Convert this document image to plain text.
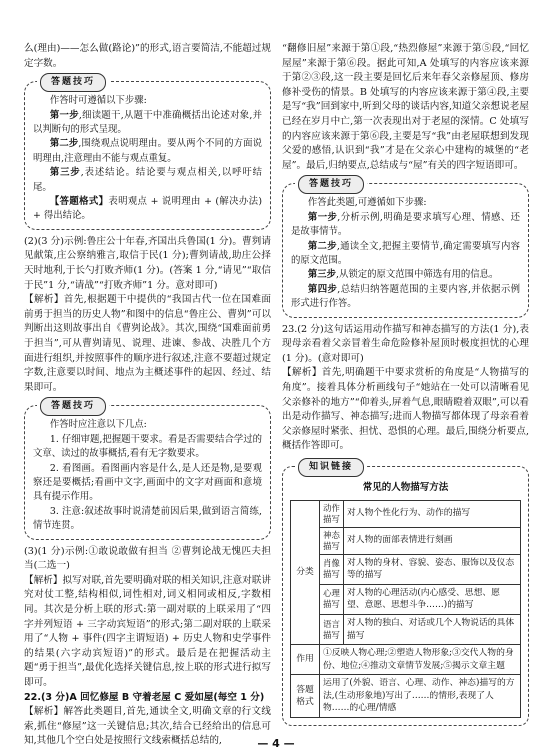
么(理由)——怎么做(路论)”的形式,语言要简洁,不能超过规定字数。

答题技巧

作答时可遵循以下步骤:

第一步,细读题干,从题干中准确概括出论述对象,并以判断句的形式呈现。

第二步,围绕观点说明理由。要从两个不同的方面说明理由,注意理由不能与观点重复。

第三步,表述结论。结论要与观点相关,以呼吁结尾。

【答题格式】表明观点 + 说明理由 + (解决办法) + 得出结论。

(2)(3 分)示例:鲁庄公十年春,齐国出兵鲁国(1 分)。曹刿请见献策,庄公察纳雅言,取信于民(1 分);曹刿请战,助庄公择天时地利,于长勺打败齐师(1 分)。(答案 1 分,“请见”“取信于民”1 分,“请战”“打败齐师”1 分。意对即可)

【解析】首先,根据题干中提供的“我国古代一位在国难面前勇于担当的历史人物”和图中的信息“鲁庄公、曹刿”可以判断出这则故事出自《曹刿论战》。其次,围绕“国难面前勇于担当”,可从曹刿请见、说理、进谏、参战、决胜几个方面进行组织,并按照事件的顺序进行叙述,注意不要超过规定字数,注意要以时间、地点为主概述事件的起因、经过、结果即可。

答题技巧

作答时应注意以下几点:

1. 仔细审题,把握题干要求。看是否需要结合学过的文章、读过的故事概括,看有无字数要求。

2. 看图画。看图画内容是什么,是人还是物,是要观察还是要概括;看画中文字,画面中的文字对画面和意境具有提示作用。

3. 注意:叙述故事时说清楚前因后果,做到语言简练,情节连贯。

(3)(1 分)示例:①敢说敢做有担当 ②曹刿论战无愧匹夫担当(二选一)

【解析】拟写对联,首先要明确对联的相关知识,注意对联讲究对仗工整,结构相似,词性相对,词义相同或相反,字数相同。其次是分析上联的形式:第一副对联的上联采用了“四字并列短语 + 三字动宾短语”的形式;第二副对联的上联采用了“人物 + 事件(四字主谓短语) + 历史人物和史学事件的结果(六字动宾短语)”的形式。最后是在把握活动主题“勇于担当”,最优化选择关键信息,按上联的形式进行拟写即可。

22.(3 分)A 回忆修屋 B 守着老屋 C 爱如屋(每空 1 分)

【解析】解答此类题目,首先,通读全文,明确文章的行文线索,抓住“修屋”这一关键信息;其次,结合已经给出的信息可知,其他几个空白处是按照行文线索概括总结的,

“翻修旧屋”来源于第①段,“热烈修屋”来源于第⑤段,“回忆屋屋”来源于第⑥段。据此可知,A 处填写的内容应该来源于第②③段,这一段主要是回忆后来年春父亲修屋顶、修房修补受伤的情景。B 处填写的内容应该来源于第④段,主要是写“我”回到家中,听到父母的谈话内容,知道父亲想说老屋已经在岁月中亡,第一次表现出对于老屋的深情。C 处填写的内容应该来源于第⑥段,主要是写“我”由老屋联想到发现父爱的感悟,认识到“我”才是在父亲心中建构的城堡的“老屋”。最后,归纳要点,总结成与“屋”有关的四字短语即可。

答题技巧

作答此类题,可遵循如下步骤:

第一步,分析示例,明确是要求填写心理、情感、还是故事情节。

第二步,通读全文,把握主要情节,确定需要填写内容的原文范围。

第三步,从锁定的原文范围中筛选有用的信息。

第四步,总结归纳答题范围的主要内容,并依据示例形式进行作答。

23.(2 分)这句话运用动作描写和神态描写的方法(1 分),表现母亲看着父亲冒着生命危险修补屋顶时极度担忧的心理(1 分)。(意对即可)

【解析】首先,明确题干中要求赏析的角度是“人物描写的角度”。接着具体分析画线句子“她站在一处可以清晰看见父亲修补的地方”“仰着头,屏着气息,眼睛瞪着双眼”,可以看出是动作描写、神态描写;进而人物描写都体现了母亲看着父亲修屋时紧张、担忧、恐惧的心理。最后,围绕分析要点,概括作答即可。

知识链接
常见的人物描写方法
分类	动作描写	对人物个性化行为、动作的描写
	神态描写	对人物的面部表情进行刻画
	肖像描写	对人物的身材、容貌、姿态、服饰以及仪态等的描写
	心理描写	对人物的心理活动(内心感受、思想、愿望、意愿、思想斗争……)的描写
	语言描写	对人物的独白、对话或几个人物说话的具体描写
作用	①反映人物心理;②塑造人物形象;③交代人物的身份、地位;④推动文章情节发展;⑤揭示文章主题	
答题格式	运用了(外貌、语言、心理、动作、神态)描写的方法,(生动形象地)写出了……的情形,表现了人物……的心理/情感	
— 4 —
